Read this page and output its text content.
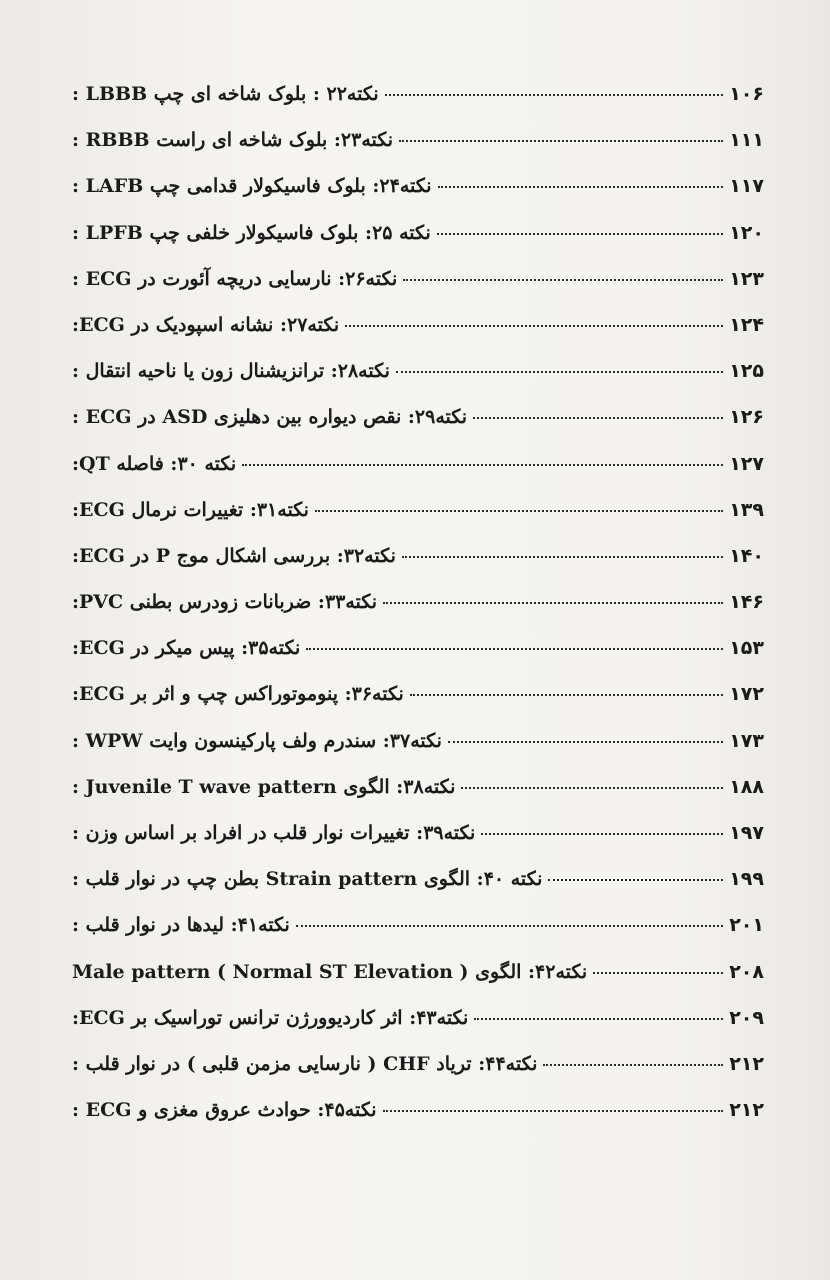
نکته۲۲ : بلوک شاخه ای چپ LBBB :	۱۰۶
نکته۲۳: بلوک شاخه ای راست RBBB :	۱۱۱
نکته۲۴: بلوک فاسیکولار قدامی چپ LAFB :	۱۱۷
نکته ۲۵: بلوک فاسیکولار خلفی چپ LPFB :	۱۲۰
نکته۲۶: نارسایی دریچه آئورت در ECG :	۱۲۳
نکته۲۷: نشانه اسپودیک در ECG:	۱۲۴
نکته۲۸: ترانزیشنال زون یا ناحیه انتقال :	۱۲۵
نکته۲۹: نقص دیواره بین دهلیزی ASD در ECG :	۱۲۶
نکته ۳۰: فاصله QT:	۱۲۷
نکته۳۱: تغییرات نرمال ECG:	۱۳۹
نکته۳۲: بررسی اشکال موج P در ECG:	۱۴۰
نکته۳۳: ضربانات زودرس بطنی PVC:	۱۴۶
نکته۳۵: پیس میکر در ECG:	۱۵۳
نکته۳۶: پنوموتوراکس چپ و اثر بر ECG:	۱۷۲
نکته۳۷: سندرم ولف پارکینسون وایت WPW :	۱۷۳
نکته۳۸: الگوی Juvenile T wave pattern :	۱۸۸
نکته۳۹: تغییرات نوار قلب در افراد بر اساس وزن :	۱۹۷
نکته ۴۰: الگوی Strain pattern بطن چپ در نوار قلب :	۱۹۹
نکته۴۱: لیدها در نوار قلب :	۲۰۱
نکته۴۲: الگوی Male pattern ( Normal ST Elevation )	۲۰۸
نکته۴۳: اثر کاردیوورژن ترانس توراسیک بر ECG:	۲۰۹
نکته۴۴: تریاد CHF ( نارسایی مزمن قلبی ) در نوار قلب :	۲۱۲
نکته۴۵: حوادث عروق مغزی و ECG :	۲۱۲
